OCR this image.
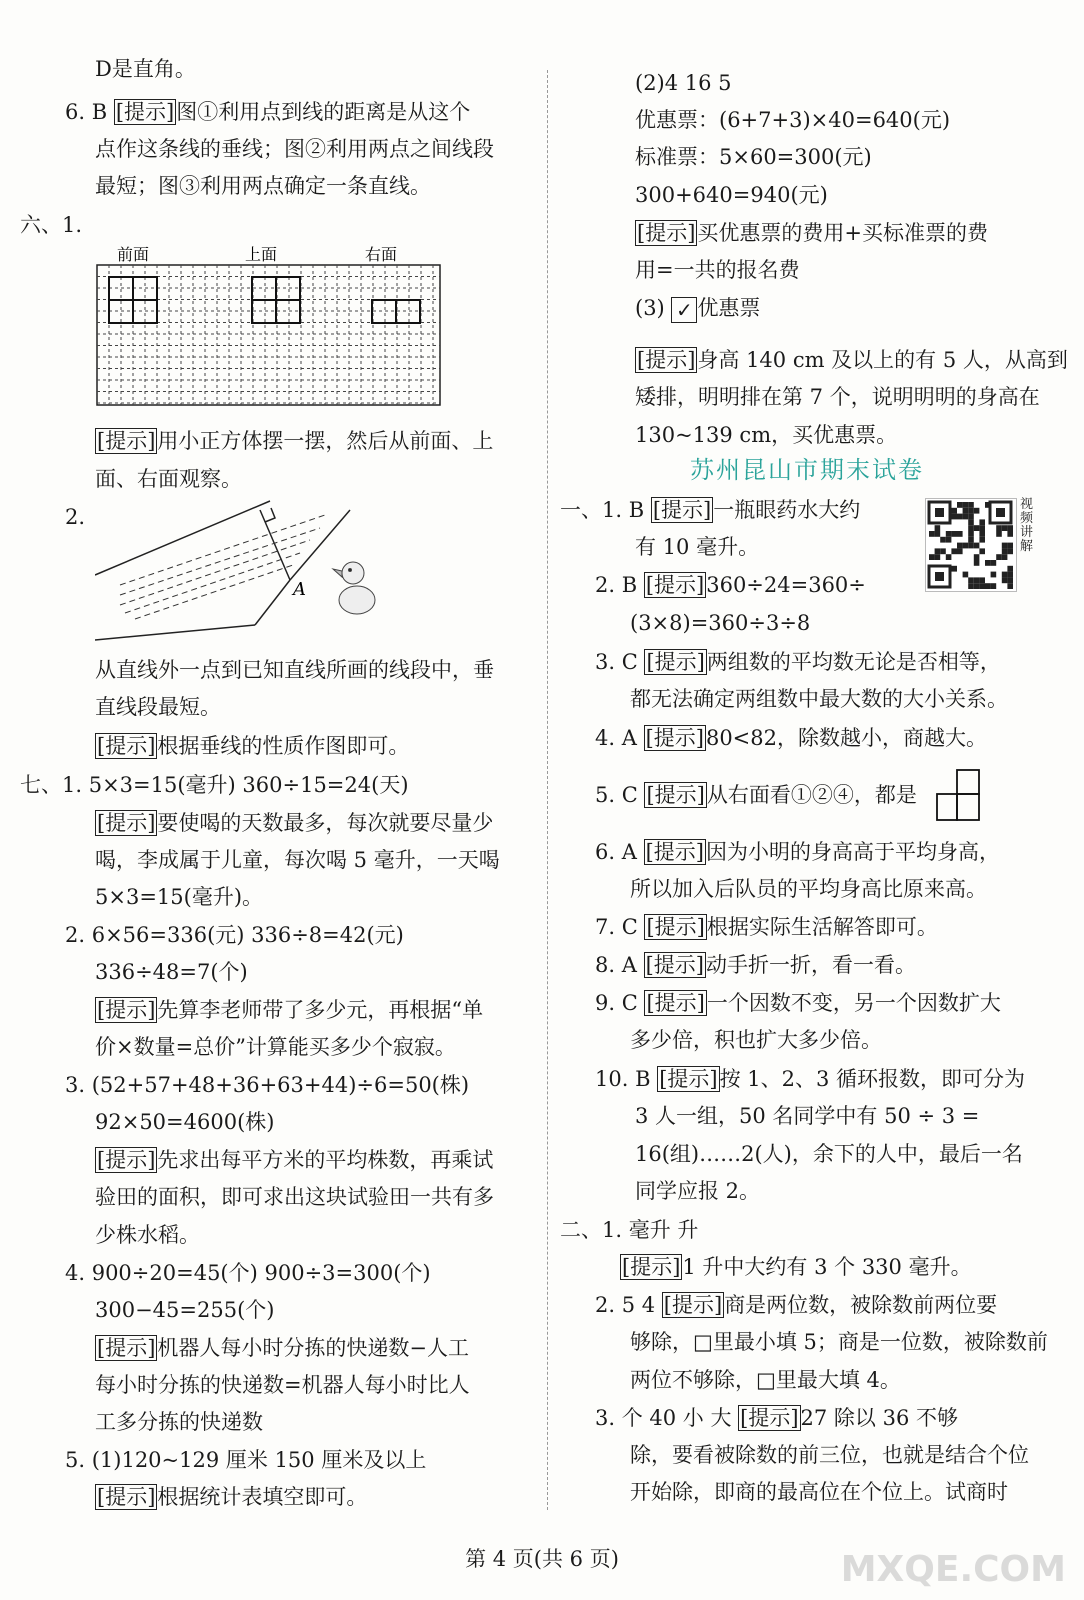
D是直角。
6. B [提示]图①利用点到线的距离是从这个
点作这条线的垂线；图②利用两点之间线段
最短；图③利用两点确定一条直线。
六、1.
[提示]用小正方体摆一摆，然后从前面、上
面、右面观察。
2.
从直线外一点到已知直线所画的线段中，垂
直线段最短。
[提示]根据垂线的性质作图即可。
七、1. 5×3=15(毫升) 360÷15=24(天)
[提示]要使喝的天数最多，每次就要尽量少
喝，李成属于儿童，每次喝 5 毫升，一天喝
5×3=15(毫升)。
2. 6×56=336(元) 336÷8=42(元)
336÷48=7(个)
[提示]先算李老师带了多少元，再根据“单
价×数量=总价”计算能买多少个寂寂。
3. (52+57+48+36+63+44)÷6=50(株)
92×50=4600(株)
[提示]先求出每平方米的平均株数，再乘试
验田的面积，即可求出这块试验田一共有多
少株水稻。
4. 900÷20=45(个) 900÷3=300(个)
300−45=255(个)
[提示]机器人每小时分拣的快递数−人工
每小时分拣的快递数=机器人每小时比人
工多分拣的快递数
5. (1)120~129 厘米 150 厘米及以上
[提示]根据统计表填空即可。
(2)4 16 5
优惠票：(6+7+3)×40=640(元)
标准票：5×60=300(元)
300+640=940(元)
[提示]买优惠票的费用+买标准票的费
用=一共的报名费
[提示]身高 140 cm 及以上的有 5 人，从高到
矮排，明明排在第 7 个，说明明明的身高在
130~139 cm，买优惠票。
一、1. B [提示]一瓶眼药水大约
有 10 毫升。
2. B [提示]360÷24=360÷
(3×8)=360÷3÷8
3. C [提示]两组数的平均数无论是否相等，
都无法确定两组数中最大数的大小关系。
4. A [提示]80<82，除数越小，商越大。
5. C [提示]从右面看①②④，都是
6. A [提示]因为小明的身高高于平均身高，
所以加入后队员的平均身高比原来高。
7. C [提示]根据实际生活解答即可。
8. A [提示]动手折一折，看一看。
9. C [提示]一个因数不变，另一个因数扩大
多少倍，积也扩大多少倍。
10. B [提示]按 1、2、3 循环报数，即可分为
3 人一组，50 名同学中有 50 ÷ 3 =
16(组)……2(人)，余下的人中，最后一名
同学应报 2。
二、1. 毫升 升
[提示]1 升中大约有 3 个 330 毫升。
2. 5 4 [提示]商是两位数，被除数前两位要
够除，□里最小填 5；商是一位数，被除数前
两位不够除，□里最大填 4。
3. 个 40 小 大 [提示]27 除以 36 不够
除，要看被除数的前三位，也就是结合个位
开始除，即商的最高位在个位上。试商时
前面	上面	右面
A
苏州昆山市期末试卷
(3) ✓ 优惠票
视频讲解
第 4 页(共 6 页)	MXQE.COM
